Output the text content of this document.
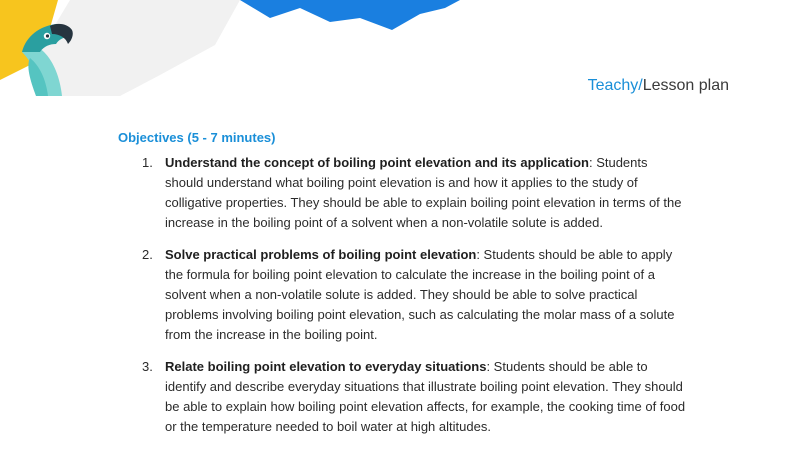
Teachy/Lesson plan
Objectives (5 - 7 minutes)
1. Understand the concept of boiling point elevation and its application: Students should understand what boiling point elevation is and how it applies to the study of colligative properties. They should be able to explain boiling point elevation in terms of the increase in the boiling point of a solvent when a non-volatile solute is added.
2. Solve practical problems of boiling point elevation: Students should be able to apply the formula for boiling point elevation to calculate the increase in the boiling point of a solvent when a non-volatile solute is added. They should be able to solve practical problems involving boiling point elevation, such as calculating the molar mass of a solute from the increase in the boiling point.
3. Relate boiling point elevation to everyday situations: Students should be able to identify and describe everyday situations that illustrate boiling point elevation. They should be able to explain how boiling point elevation affects, for example, the cooking time of food or the temperature needed to boil water at high altitudes.
